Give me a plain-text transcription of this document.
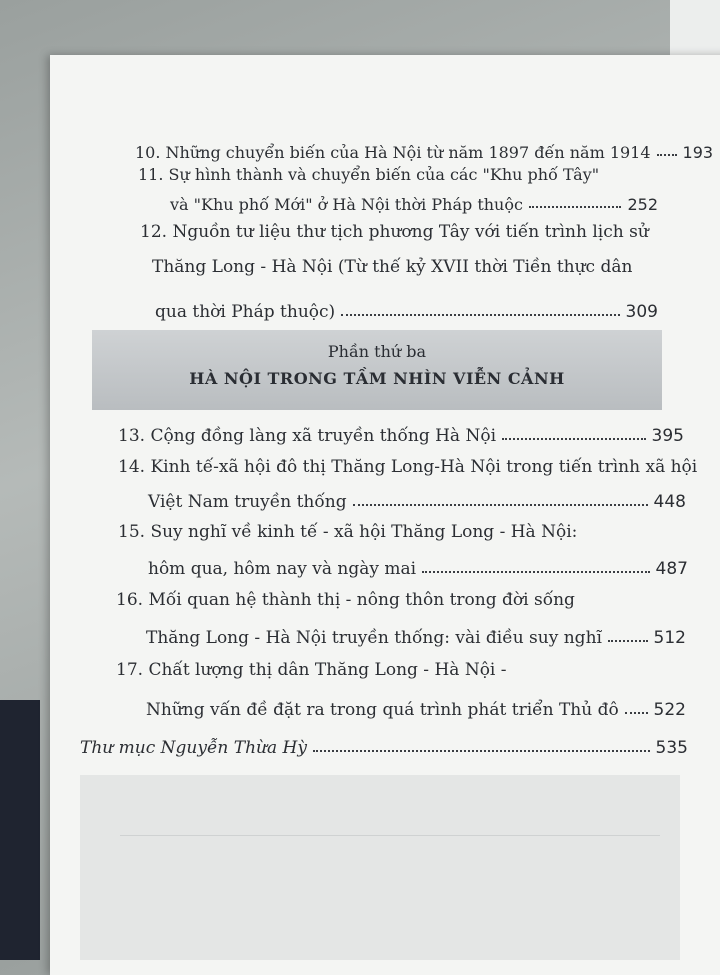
10. Những chuyển biến của Hà Nội từ năm 1897 đến năm 1914 193
11. Sự hình thành và chuyển biến của các "Khu phố Tây"
và "Khu phố Mới" ở Hà Nội thời Pháp thuộc	252
12. Nguồn tư liệu thư tịch phương Tây với tiến trình lịch sử
Thăng Long - Hà Nội (Từ thế kỷ XVII thời Tiền thực dân
qua thời Pháp thuộc)	309
Phần thứ ba
HÀ NỘI TRONG TẦM NHÌN VIỄN CẢNH
13. Cộng đồng làng xã truyền thống Hà Nội	395
14. Kinh tế-xã hội đô thị Thăng Long-Hà Nội trong tiến trình xã hội
Việt Nam truyền thống	448
15. Suy nghĩ về kinh tế - xã hội Thăng Long - Hà Nội:
hôm qua, hôm nay và ngày mai	487
16. Mối quan hệ thành thị - nông thôn trong đời sống
Thăng Long - Hà Nội truyền thống: vài điều suy nghĩ	512
17. Chất lượng thị dân Thăng Long - Hà Nội -
Những vấn đề đặt ra trong quá trình phát triển Thủ đô 522
Thư mục Nguyễn Thừa Hỳ	535
